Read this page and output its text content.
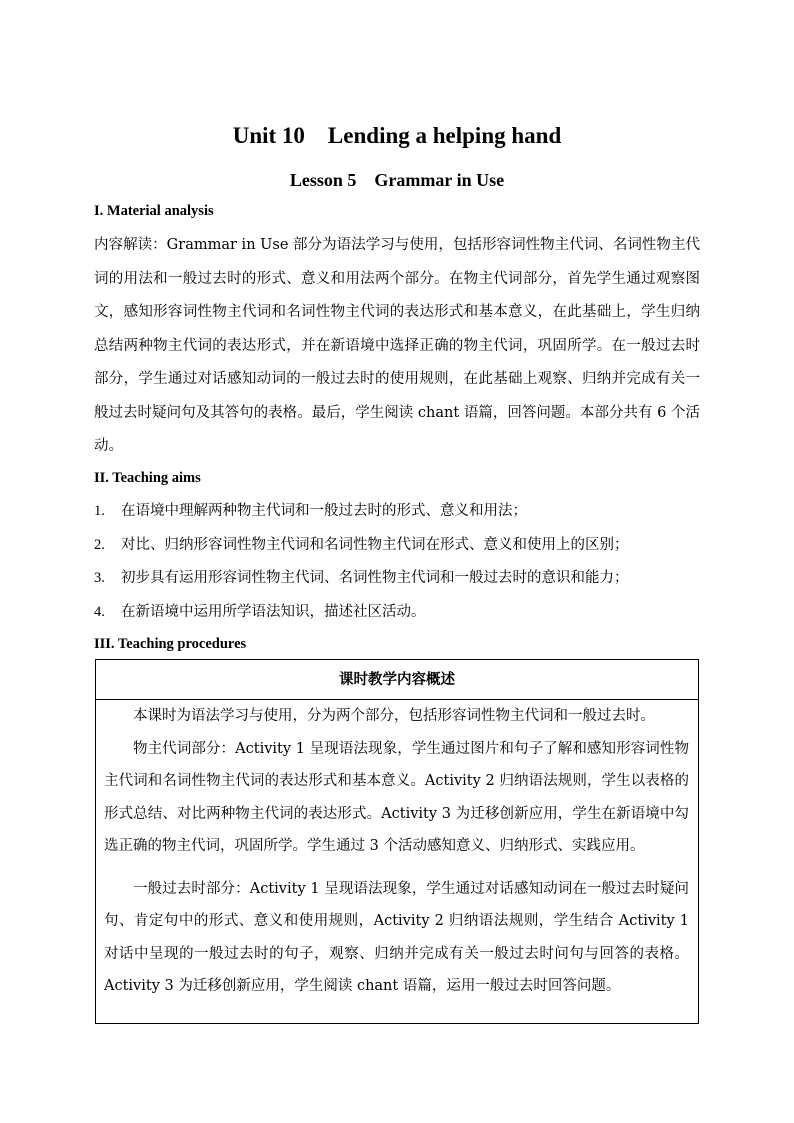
Unit 10　Lending a helping hand
Lesson 5　Grammar in Use
I. Material analysis
内容解读：Grammar in Use 部分为语法学习与使用，包括形容词性物主代词、名词性物主代词的用法和一般过去时的形式、意义和用法两个部分。在物主代词部分，首先学生通过观察图文，感知形容词性物主代词和名词性物主代词的表达形式和基本意义，在此基础上，学生归纳总结两种物主代词的表达形式，并在新语境中选择正确的物主代词，巩固所学。在一般过去时部分，学生通过对话感知动词的一般过去时的使用规则，在此基础上观察、归纳并完成有关一般过去时疑问句及其答句的表格。最后，学生阅读 chant 语篇，回答问题。本部分共有 6 个活动。
II. Teaching aims
1. 在语境中理解两种物主代词和一般过去时的形式、意义和用法；
2. 对比、归纳形容词性物主代词和名词性物主代词在形式、意义和使用上的区别；
3. 初步具有运用形容词性物主代词、名词性物主代词和一般过去时的意识和能力；
4. 在新语境中运用所学语法知识，描述社区活动。
III. Teaching procedures
课时教学内容概述

本课时为语法学习与使用，分为两个部分，包括形容词性物主代词和一般过去时。

物主代词部分：Activity 1 呈现语法现象，学生通过图片和句子了解和感知形容词性物主代词和名词性物主代词的表达形式和基本意义。Activity 2 归纳语法规则，学生以表格的形式总结、对比两种物主代词的表达形式。Activity 3 为迁移创新应用，学生在新语境中勾选正确的物主代词，巩固所学。学生通过 3 个活动感知意义、归纳形式、实践应用。

一般过去时部分：Activity 1 呈现语法现象，学生通过对话感知动词在一般过去时疑问句、肯定句中的形式、意义和使用规则，Activity 2 归纳语法规则，学生结合 Activity 1 对话中呈现的一般过去时的句子，观察、归纳并完成有关一般过去时问句与回答的表格。Activity 3 为迁移创新应用，学生阅读 chant 语篇，运用一般过去时回答问题。
